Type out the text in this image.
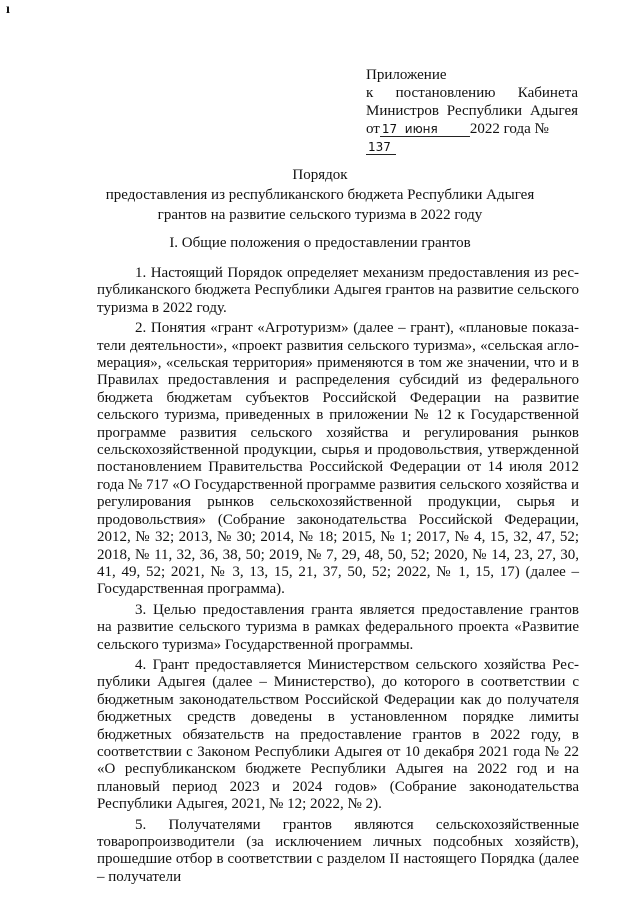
ı
Приложение
к постановлению Кабинета
Министров Республики Адыгея
от 17 июня 2022 года №137
Порядок
предоставления из республиканского бюджета Республики Адыгея
грантов на развитие сельского туризма в 2022 году
I. Общие положения о предоставлении грантов

1. Настоящий Порядок определяет механизм предоставления из республиканского бюджета Республики Адыгея грантов на развитие сельского туризма в 2022 году.

2. Понятия «грант «Агротуризм» (далее – грант), «плановые показатели деятельности», «проект развития сельского туризма», «сельская агломерация», «сельская территория» применяются в том же значении, что и в Правилах предоставления и распределения субсидий из федерального бюджета бюджетам субъектов Российской Федерации на развитие сельского туризма, приведенных в приложении № 12 к Государственной программе развития сельского хозяйства и регулирования рынков сельскохозяйственной продукции, сырья и продовольствия, утвержденной постановлением Правительства Российской Федерации от 14 июля 2012 года № 717 «О Государственной программе развития сельского хозяйства и регулирования рынков сельскохозяйственной продукции, сырья и продовольствия» (Собрание законодательства Российской Федерации, 2012, № 32; 2013, № 30; 2014, № 18; 2015, № 1; 2017, № 4, 15, 32, 47, 52; 2018, № 11, 32, 36, 38, 50; 2019, № 7, 29, 48, 50, 52; 2020, № 14, 23, 27, 30, 41, 49, 52; 2021, № 3, 13, 15, 21, 37, 50, 52; 2022, № 1, 15, 17) (далее – Государственная программа).

3. Целью предоставления гранта является предоставление грантов на развитие сельского туризма в рамках федерального проекта «Развитие сельского туризма» Государственной программы.

4. Грант предоставляется Министерством сельского хозяйства Республики Адыгея (далее – Министерство), до которого в соответствии с бюджетным законодательством Российской Федерации как до получателя бюджетных средств доведены в установленном порядке лимиты бюджетных обязательств на предоставление грантов в 2022 году, в соответствии с Законом Республики Адыгея от 10 декабря 2021 года № 22 «О республиканском бюджете Республики Адыгея на 2022 год и на плановый период 2023 и 2024 годов» (Собрание законодательства Республики Адыгея, 2021, № 12; 2022, № 2).

5. Получателями грантов являются сельскохозяйственные товаропроизводители (за исключением личных подсобных хозяйств), прошедшие отбор в соответствии с разделом II настоящего Порядка (далее – получатели
